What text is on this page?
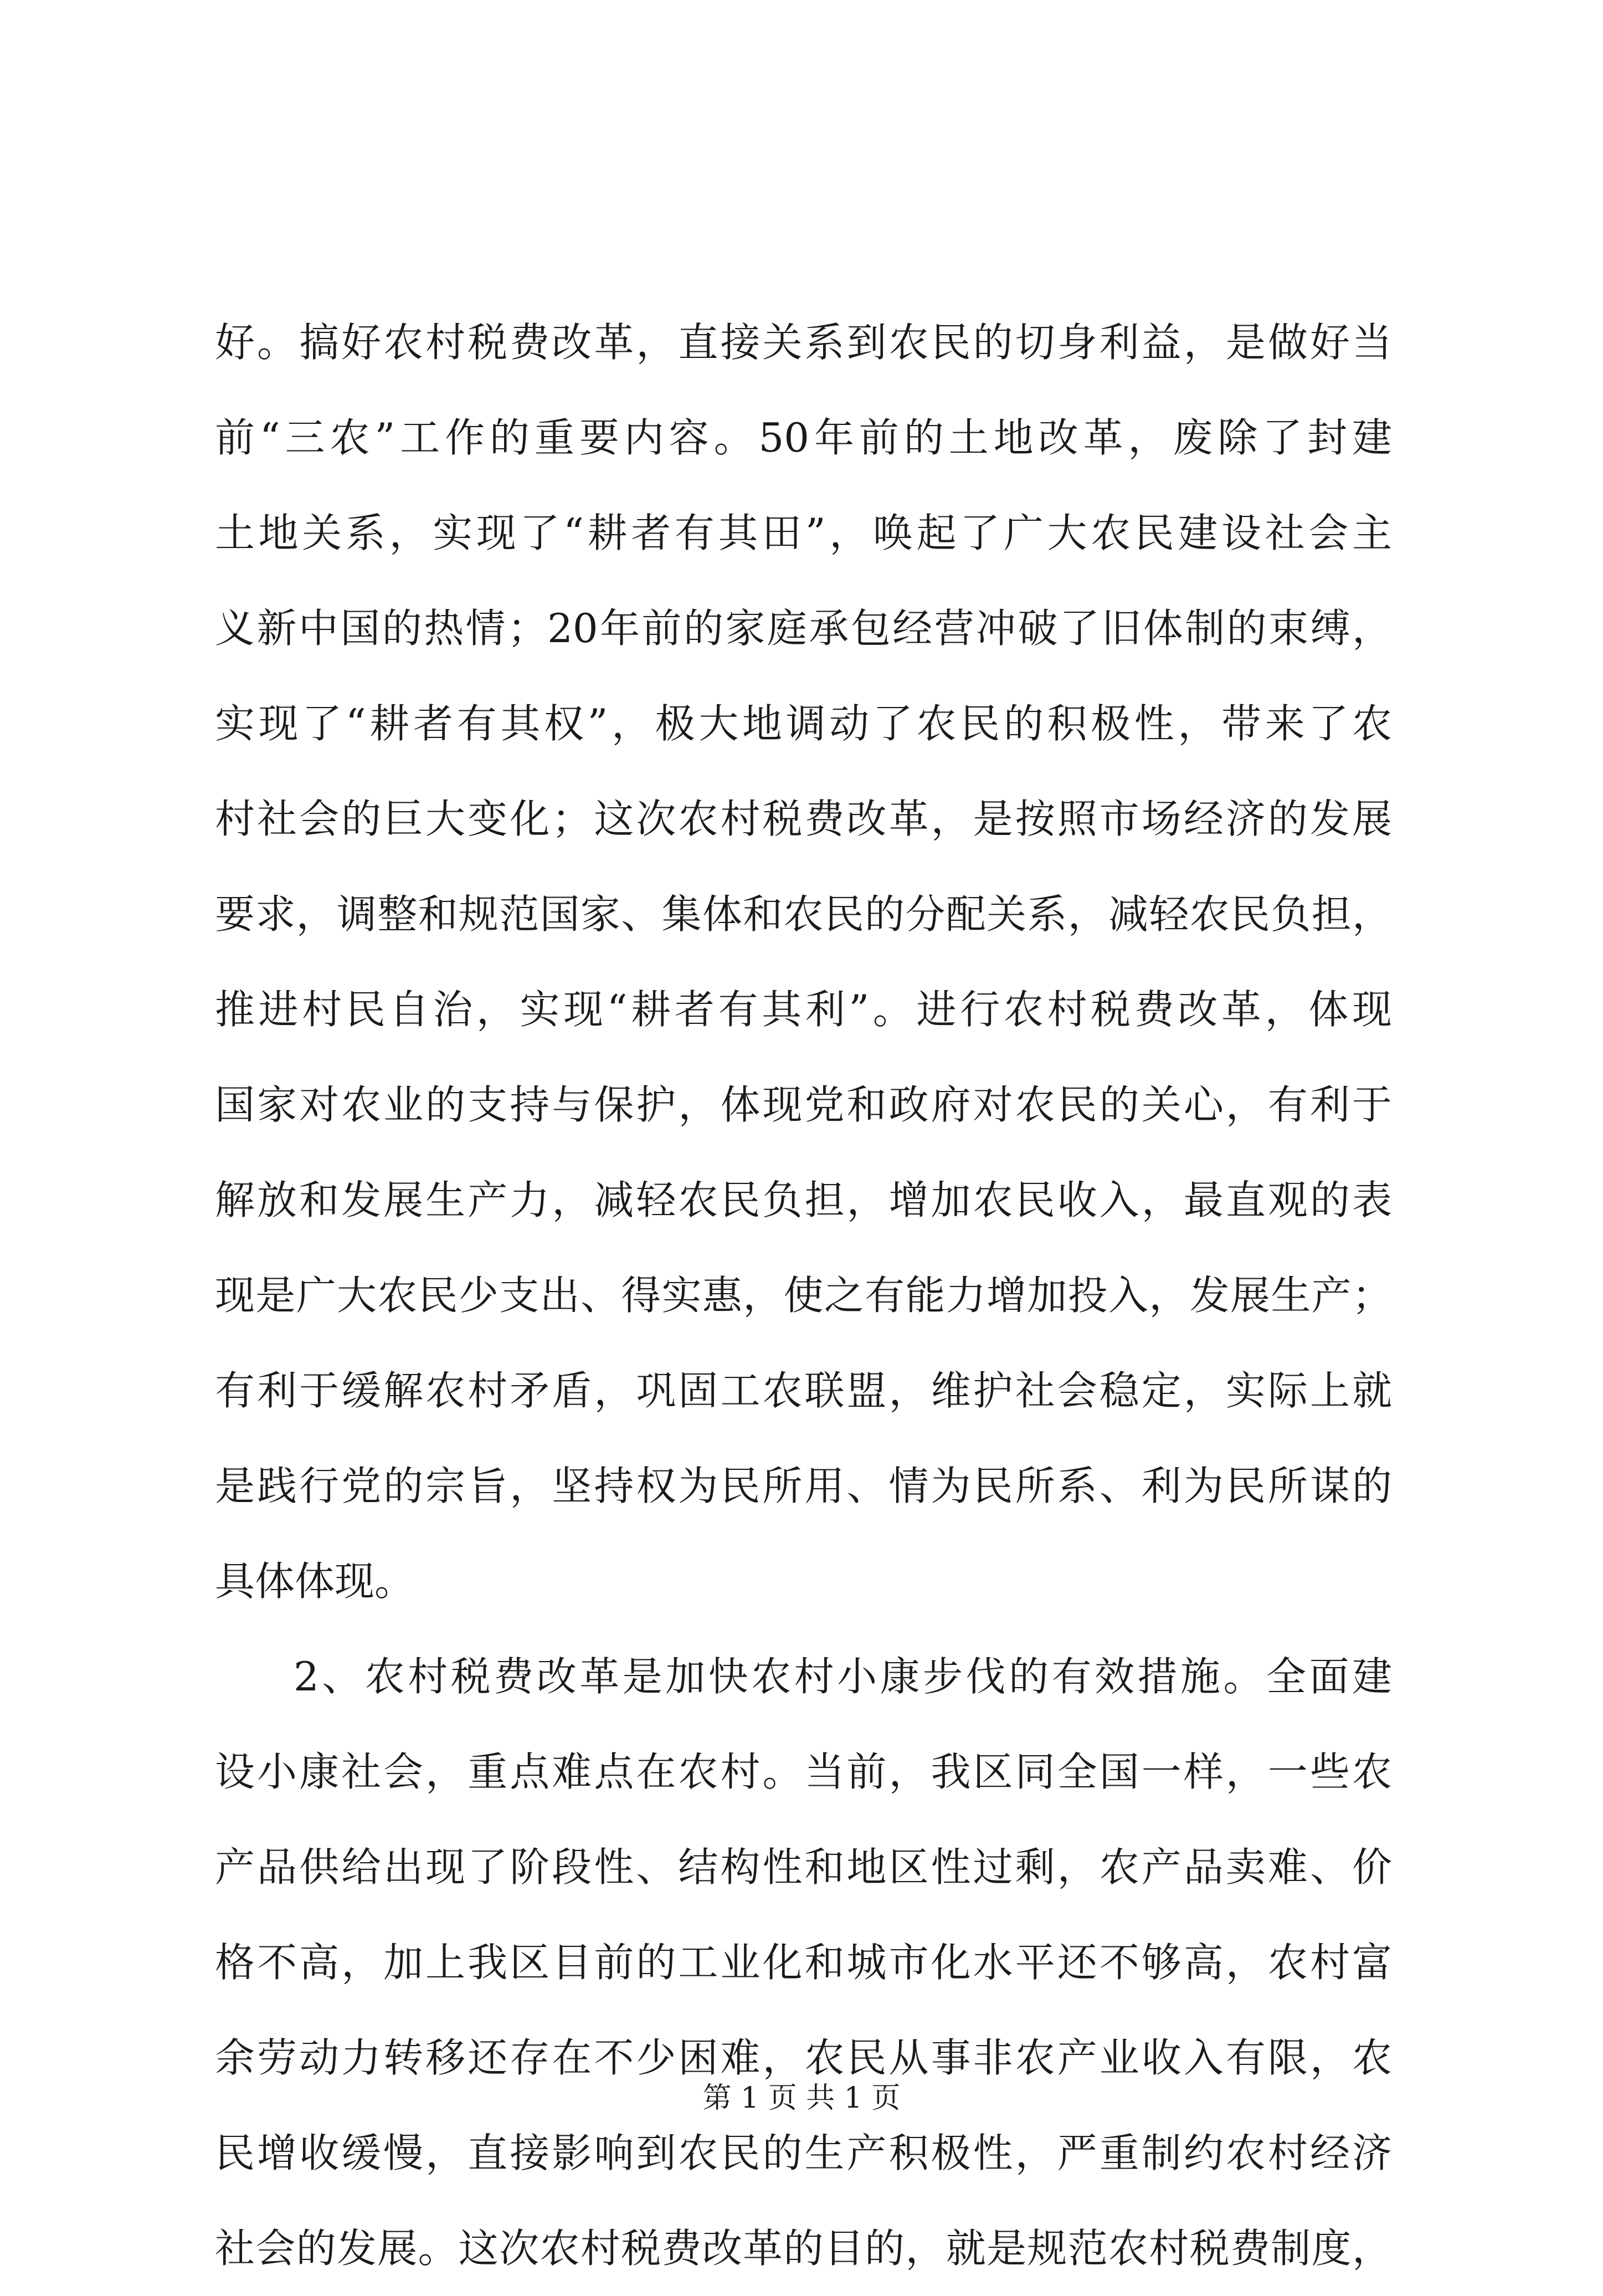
好。搞好农村税费改革，直接关系到农民的切身利益，是做好当
前“三农”工作的重要内容。50年前的土地改革，废除了封建
土地关系，实现了“耕者有其田”，唤起了广大农民建设社会主
义新中国的热情；20年前的家庭承包经营冲破了旧体制的束缚，
实现了“耕者有其权”，极大地调动了农民的积极性，带来了农
村社会的巨大变化；这次农村税费改革，是按照市场经济的发展
要求，调整和规范国家、集体和农民的分配关系，减轻农民负担，
推进村民自治，实现“耕者有其利”。进行农村税费改革，体现
国家对农业的支持与保护，体现党和政府对农民的关心，有利于
解放和发展生产力，减轻农民负担，增加农民收入，最直观的表
现是广大农民少支出、得实惠，使之有能力增加投入，发展生产；
有利于缓解农村矛盾，巩固工农联盟，维护社会稳定，实际上就
是践行党的宗旨，坚持权为民所用、情为民所系、利为民所谋的
具体体现。
2、农村税费改革是加快农村小康步伐的有效措施。全面建
设小康社会，重点难点在农村。当前，我区同全国一样，一些农
产品供给出现了阶段性、结构性和地区性过剩，农产品卖难、价
格不高，加上我区目前的工业化和城市化水平还不够高，农村富
余劳动力转移还存在不少困难，农民从事非农产业收入有限，农
民增收缓慢，直接影响到农民的生产积极性，严重制约农村经济
社会的发展。这次农村税费改革的目的，就是规范农村税费制度，
第 1 页 共 1 页
